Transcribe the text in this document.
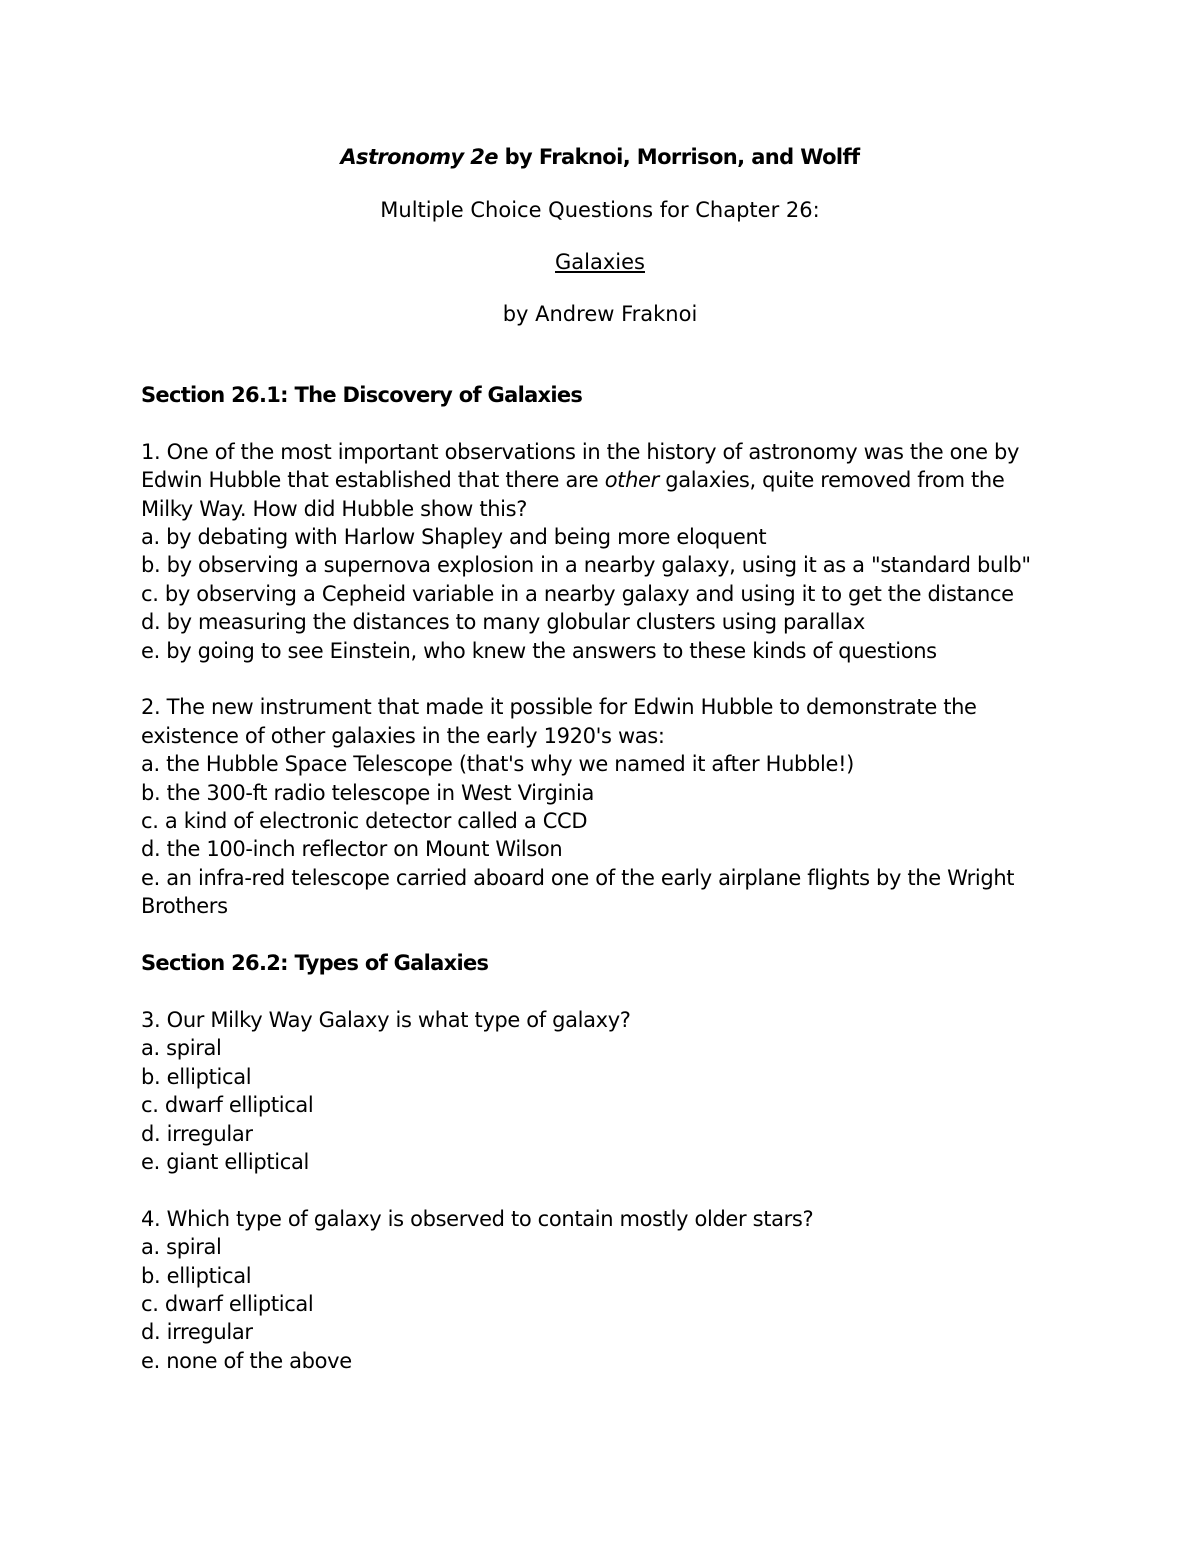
Astronomy 2e by Fraknoi, Morrison, and Wolff
Multiple Choice Questions for Chapter 26:
Galaxies
by Andrew Fraknoi
Section 26.1: The Discovery of Galaxies
1. One of the most important observations in the history of astronomy was the one by Edwin Hubble that established that there are other galaxies, quite removed from the Milky Way. How did Hubble show this?
a. by debating with Harlow Shapley and being more eloquent
b. by observing a supernova explosion in a nearby galaxy, using it as a "standard bulb"
c. by observing a Cepheid variable in a nearby galaxy and using it to get the distance
d. by measuring the distances to many globular clusters using parallax
e. by going to see Einstein, who knew the answers to these kinds of questions
2. The new instrument that made it possible for Edwin Hubble to demonstrate the existence of other galaxies in the early 1920's was:
a. the Hubble Space Telescope (that's why we named it after Hubble!)
b. the 300-ft radio telescope in West Virginia
c. a kind of electronic detector called a CCD
d. the 100-inch reflector on Mount Wilson
e. an infra-red telescope carried aboard one of the early airplane flights by the Wright Brothers
Section 26.2: Types of Galaxies
3. Our Milky Way Galaxy is what type of galaxy?
a. spiral
b. elliptical
c. dwarf elliptical
d. irregular
e. giant elliptical
4. Which type of galaxy is observed to contain mostly older stars?
a. spiral
b. elliptical
c. dwarf elliptical
d. irregular
e. none of the above
